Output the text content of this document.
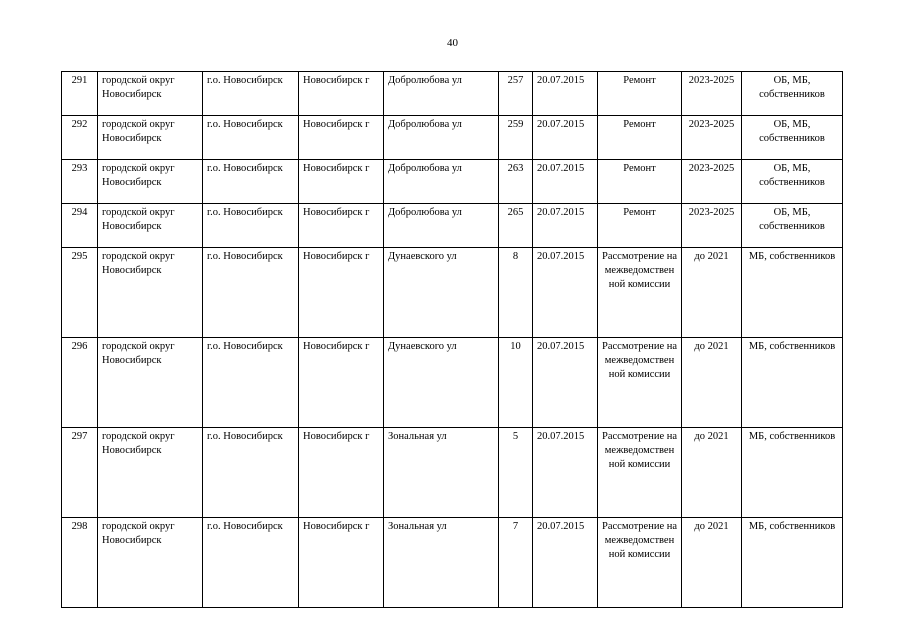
40
291	городской округ Новосибирск	г.о. Новосибирск	Новосибирск г	Добролюбова ул	257	20.07.2015	Ремонт	2023-2025	ОБ, МБ, собственников
292	городской округ Новосибирск	г.о. Новосибирск	Новосибирск г	Добролюбова ул	259	20.07.2015	Ремонт	2023-2025	ОБ, МБ, собственников
293	городской округ Новосибирск	г.о. Новосибирск	Новосибирск г	Добролюбова ул	263	20.07.2015	Ремонт	2023-2025	ОБ, МБ, собственников
294	городской округ Новосибирск	г.о. Новосибирск	Новосибирск г	Добролюбова ул	265	20.07.2015	Ремонт	2023-2025	ОБ, МБ, собственников
295	городской округ Новосибирск	г.о. Новосибирск	Новосибирск г	Дунаевского ул	8	20.07.2015	Рассмотрение на межведомственной комиссии	до 2021	МБ, собственников
296	городской округ Новосибирск	г.о. Новосибирск	Новосибирск г	Дунаевского ул	10	20.07.2015	Рассмотрение на межведомственной комиссии	до 2021	МБ, собственников
297	городской округ Новосибирск	г.о. Новосибирск	Новосибирск г	Зональная ул	5	20.07.2015	Рассмотрение на межведомственной комиссии	до 2021	МБ, собственников
298	городской округ Новосибирск	г.о. Новосибирск	Новосибирск г	Зональная ул	7	20.07.2015	Рассмотрение на межведомственной комиссии	до 2021	МБ, собственников
